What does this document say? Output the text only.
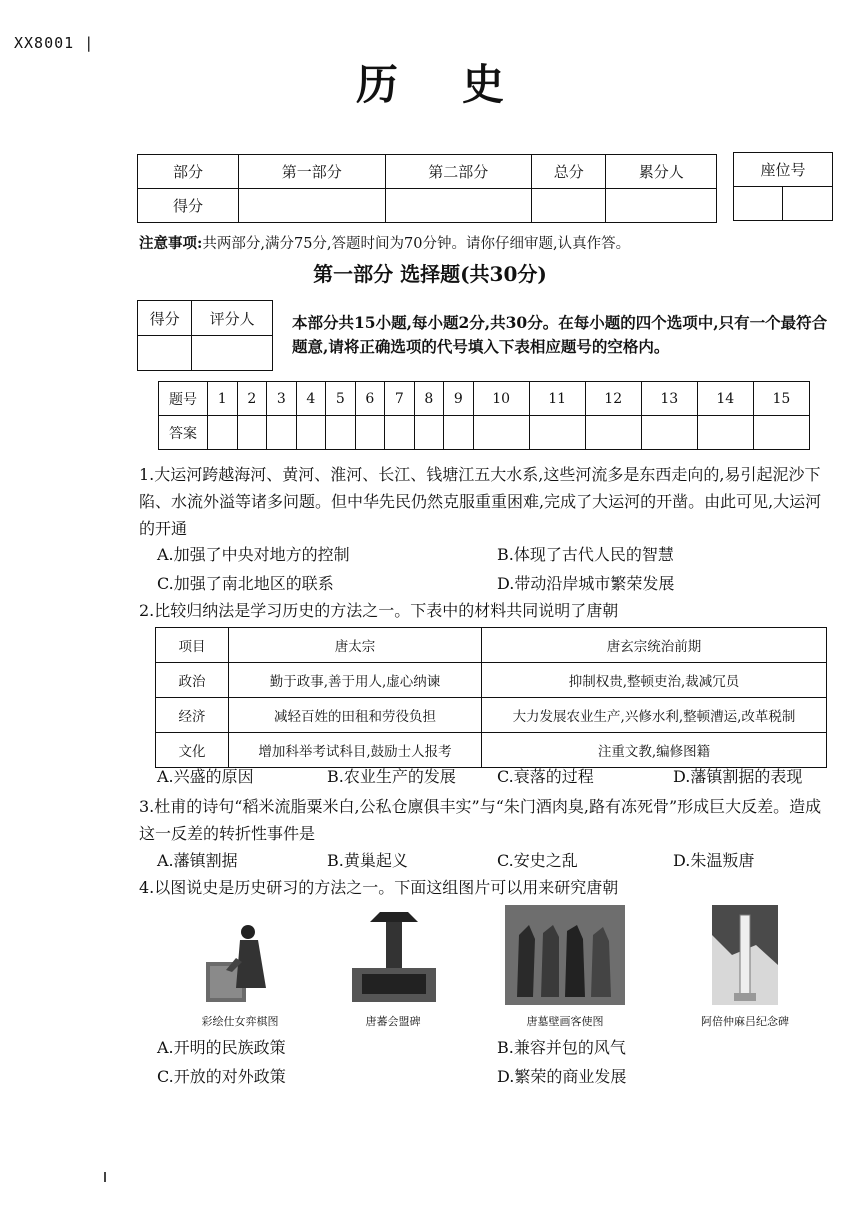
XX8001 |
历史
部分	第一部分	第二部分	总分	累分人
得分				
座位号

注意事项:共两部分,满分75分,答题时间为70分钟。请你仔细审题,认真作答。
第一部分 选择题(共30分)
得分	评分人
	本部分共15小题,每小题2分,共30分。在每小题的四个选项中,只有一个最符合题意,请将正确选项的代号填入下表相应题号的空格内。
题号	1	2	3	4	5	6	7	8	9	10	11	12	13	14	15
答案															
1.大运河跨越海河、黄河、淮河、长江、钱塘江五大水系,这些河流多是东西走向的,易引起泥沙下陷、水流外溢等诸多问题。但中华先民仍然克服重重困难,完成了大运河的开凿。由此可见,大运河的开通
A.加强了中央对地方的控制	B.体现了古代人民的智慧
C.加强了南北地区的联系	D.带动沿岸城市繁荣发展
2.比较归纳法是学习历史的方法之一。下表中的材料共同说明了唐朝
项目	唐太宗	唐玄宗统治前期
政治	勤于政事,善于用人,虚心纳谏	抑制权贵,整顿吏治,裁减冗员
经济	减轻百姓的田租和劳役负担	大力发展农业生产,兴修水利,整顿漕运,改革税制
文化	增加科举考试科目,鼓励士人报考	注重文教,编修图籍
A.兴盛的原因	B.农业生产的发展	C.衰落的过程	D.藩镇割据的表现
3.杜甫的诗句“稻米流脂粟米白,公私仓廪俱丰实”与“朱门酒肉臭,路有冻死骨”形成巨大反差。造成这一反差的转折性事件是
A.藩镇割据	B.黄巢起义	C.安史之乱	D.朱温叛唐
4.以图说史是历史研习的方法之一。下面这组图片可以用来研究唐朝
彩绘仕女弈棋图	唐蕃会盟碑	唐墓壁画客使图	阿倍仲麻吕纪念碑
A.开明的民族政策	B.兼容并包的风气
C.开放的对外政策	D.繁荣的商业发展
